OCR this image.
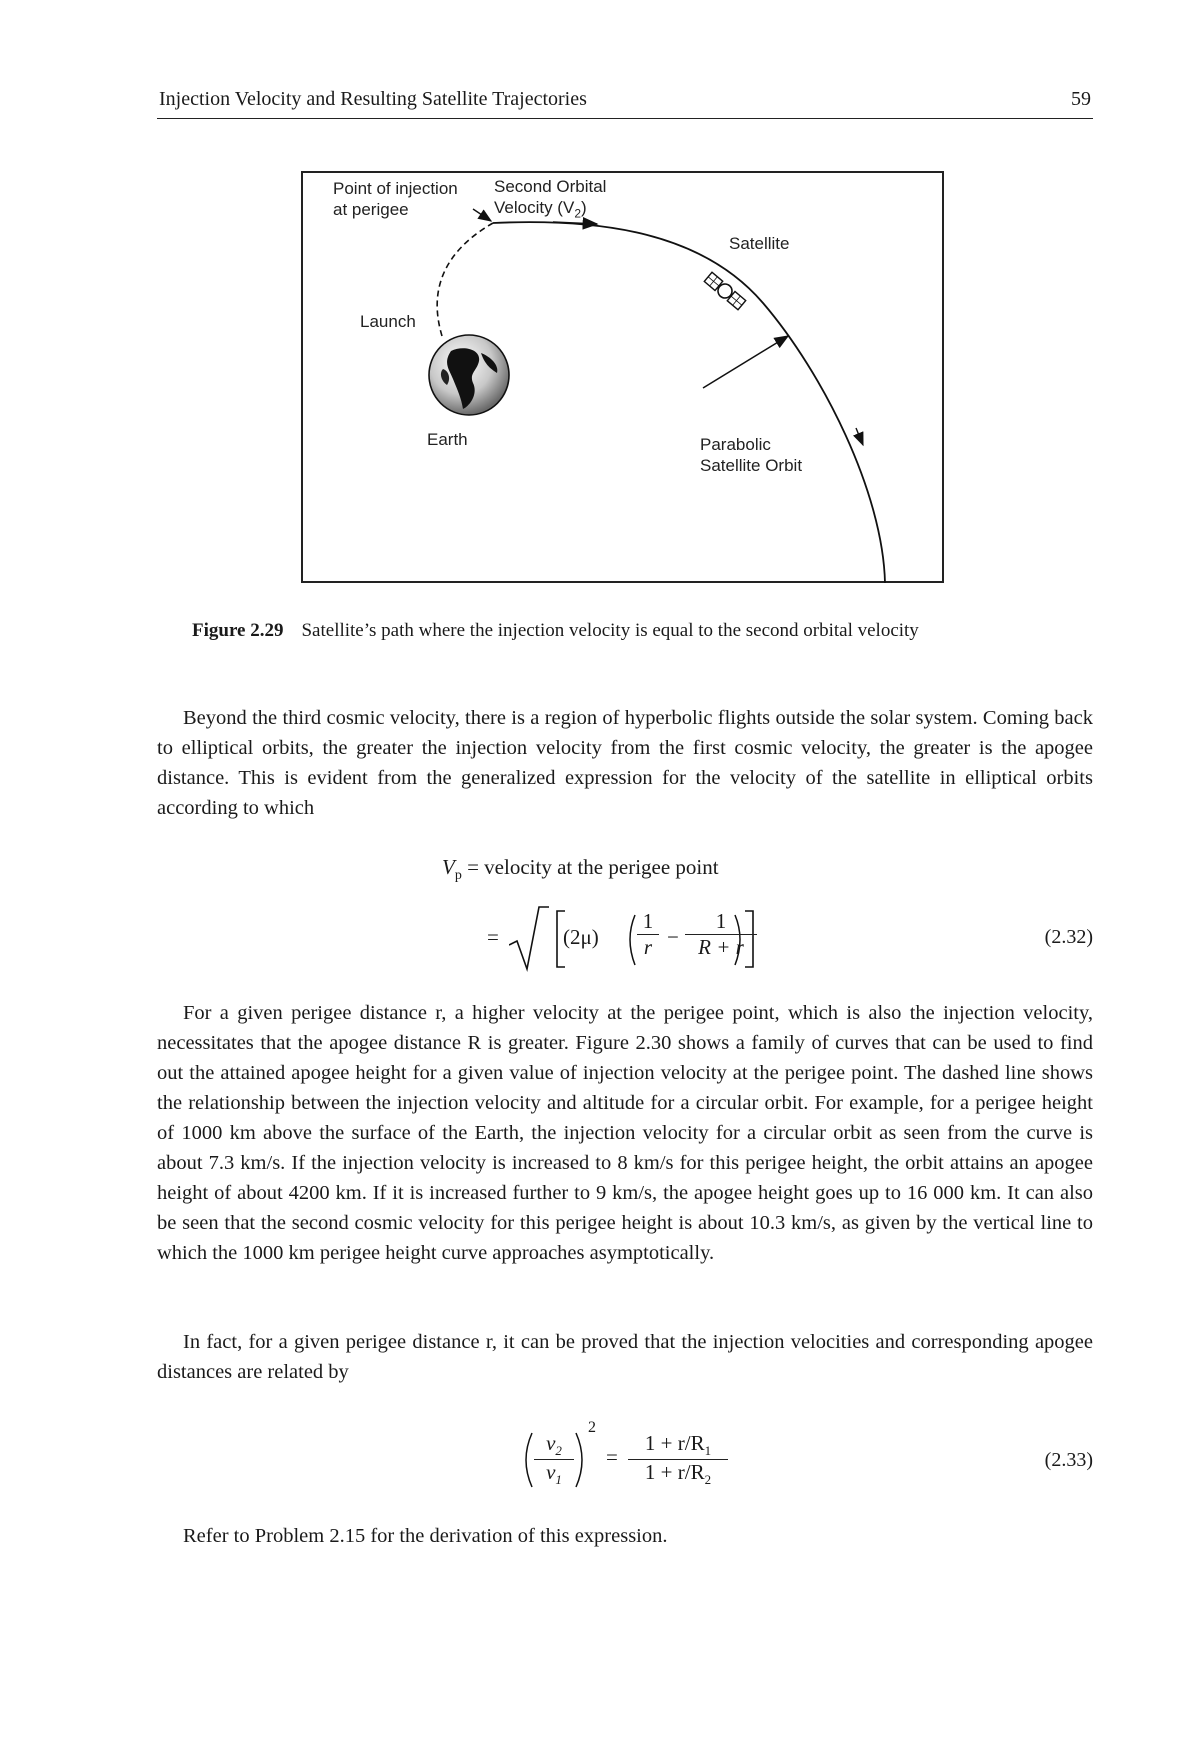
Injection Velocity and Resulting Satellite Trajectories	59
Point of injection
at perigee
Second Orbital
Velocity $(V_2)$
Satellite
Launch
Earth	Parabolic
Satellite Orbit
Figure 2.29 Satellite’s path where the injection velocity is equal to the second orbital velocity
Beyond the third cosmic velocity, there is a region of hyperbolic flights outside the solar system. Coming back to elliptical orbits, the greater the injection velocity from the first cosmic velocity, the greater is the apogee distance. This is evident from the generalized expression for the velocity of the satellite in elliptical orbits according to which
$V_p$ = velocity at the perigee point
=	$(2\mu) \frac{1}{r} - \frac{1}{R + r}$	(2.32)
For a given perigee distance r, a higher velocity at the perigee point, which is also the injection velocity, necessitates that the apogee distance R is greater. Figure 2.30 shows a family of curves that can be used to find out the attained apogee height for a given value of injection velocity at the perigee point. The dashed line shows the relationship between the injection velocity and altitude for a circular orbit. For example, for a perigee height of 1000 km above the surface of the Earth, the injection velocity for a circular orbit as seen from the curve is about 7.3 km/s. If the injection velocity is increased to 8 km/s for this perigee height, the orbit attains an apogee height of about 4200 km. If it is increased further to 9 km/s, the apogee height goes up to 16 000 km. It can also be seen that the second cosmic velocity for this perigee height is about 10.3 km/s, as given by the vertical line to which the 1000 km perigee height curve approaches asymptotically.
In fact, for a given perigee distance r, it can be proved that the injection velocities and corresponding apogee distances are related by
$\frac{v_2}{v_1}$
2
= $\frac{1 + r/R_1}{1 + r/R_2}$	(2.33)
Refer to Problem 2.15 for the derivation of this expression.
